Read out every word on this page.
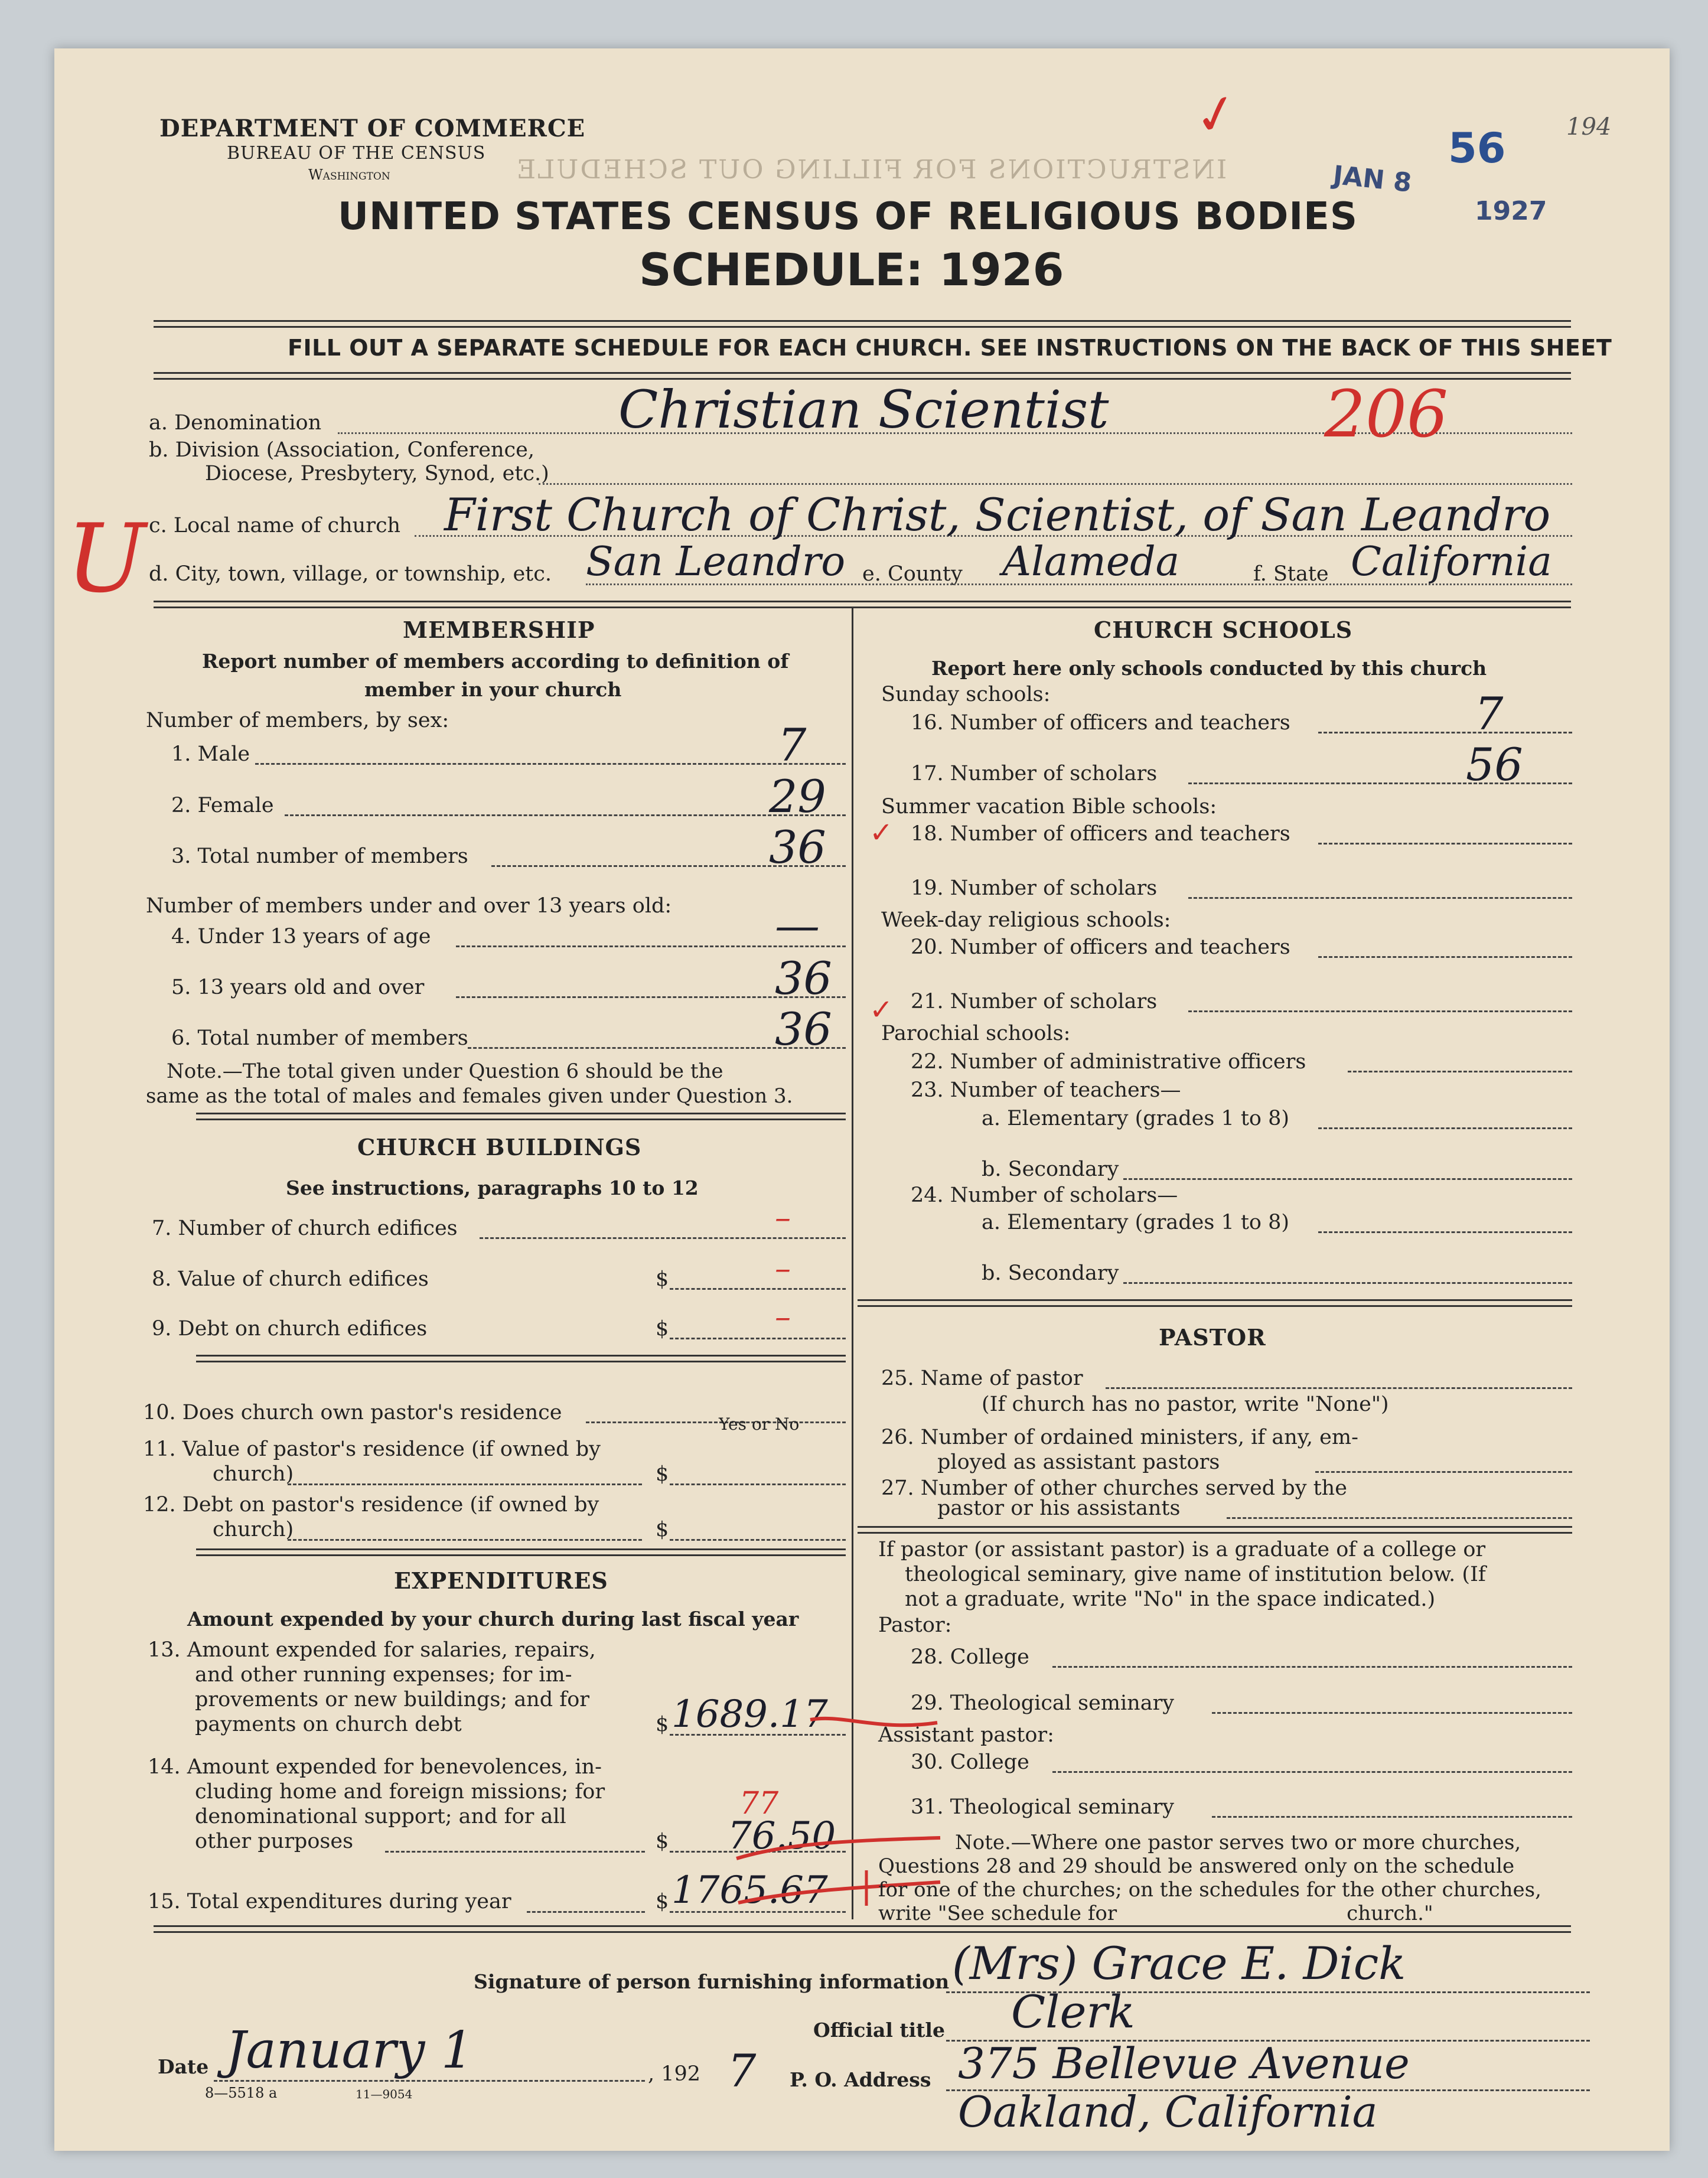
INSTRUCTIONS FOR FILLING OUT SCHEDULE
DEPARTMENT OF COMMERCE
BUREAU OF THE CENSUS
Washington
✓
JAN 8
1927
56	194
UNITED STATES CENSUS OF RELIGIOUS BODIES
SCHEDULE: 1926
FILL OUT A SEPARATE SCHEDULE FOR EACH CHURCH. SEE INSTRUCTIONS ON THE BACK OF THIS SHEET
a. Denomination	Christian Scientist	206
b. Division (Association, Conference,
Diocese, Presbytery, Synod, etc.)
U c. Local name of church First Church of Christ, Scientist, of San Leandro
d. City, town, village, or township, etc. San Leandro e. County Alameda	f. State California
MEMBERSHIP
Report number of members according to definition of
member in your church
Number of members, by sex:
1. Male	7
2. Female	29
3. Total number of members	36 ✓
Number of members under and over 13 years old:
4. Under 13 years of age	—
5. 13 years old and over	36
6. Total number of members	36 ✓
Note.—The total given under Question 6 should be the
same as the total of males and females given under Question 3.
CHURCH BUILDINGS
See instructions, paragraphs 10 to 12
7. Number of church edifices	–
8. Value of church edifices	$	–
9. Debt on church edifices	$	–
10. Does church own pastor's residence	Yes or No
11. Value of pastor's residence (if owned by
church)	$
12. Debt on pastor's residence (if owned by
church)	$
EXPENDITURES
Amount expended by your church during last fiscal year
13. Amount expended for salaries, repairs,
and other running expenses; for im-
provements or new buildings; and for
payments on church debt	$ 1689.17
14. Amount expended for benevolences, in-
cluding home and foreign missions; for
denominational support; and for all
other purposes	$
77
76.50
15. Total expenditures during year	$ 1765.67
CHURCH SCHOOLS
Report here only schools conducted by this church
Sunday schools:
16. Number of officers and teachers	7
17. Number of scholars	56
Summer vacation Bible schools:
18. Number of officers and teachers
19. Number of scholars
Week-day religious schools:
20. Number of officers and teachers
21. Number of scholars
Parochial schools:
22. Number of administrative officers
23. Number of teachers—
a. Elementary (grades 1 to 8)
b. Secondary
24. Number of scholars—
a. Elementary (grades 1 to 8)
b. Secondary
PASTOR
25. Name of pastor
(If church has no pastor, write "None")
26. Number of ordained ministers, if any, em-
ployed as assistant pastors
27. Number of other churches served by the
pastor or his assistants
If pastor (or assistant pastor) is a graduate of a college or
theological seminary, give name of institution below. (If
not a graduate, write "No" in the space indicated.)
Pastor:
28. College
29. Theological seminary
Assistant pastor:
30. College
31. Theological seminary
Note.—Where one pastor serves two or more churches,
Questions 28 and 29 should be answered only on the schedule
for one of the churches; on the schedules for the other churches,
write "See schedule for                                    church."
Signature of person furnishing information (Mrs) Grace E. Dick
Official title Clerk
Date January 1	, 192 7 P. O. Address 375 Bellevue Avenue
Oakland, California
8—5518 a	11—9054
